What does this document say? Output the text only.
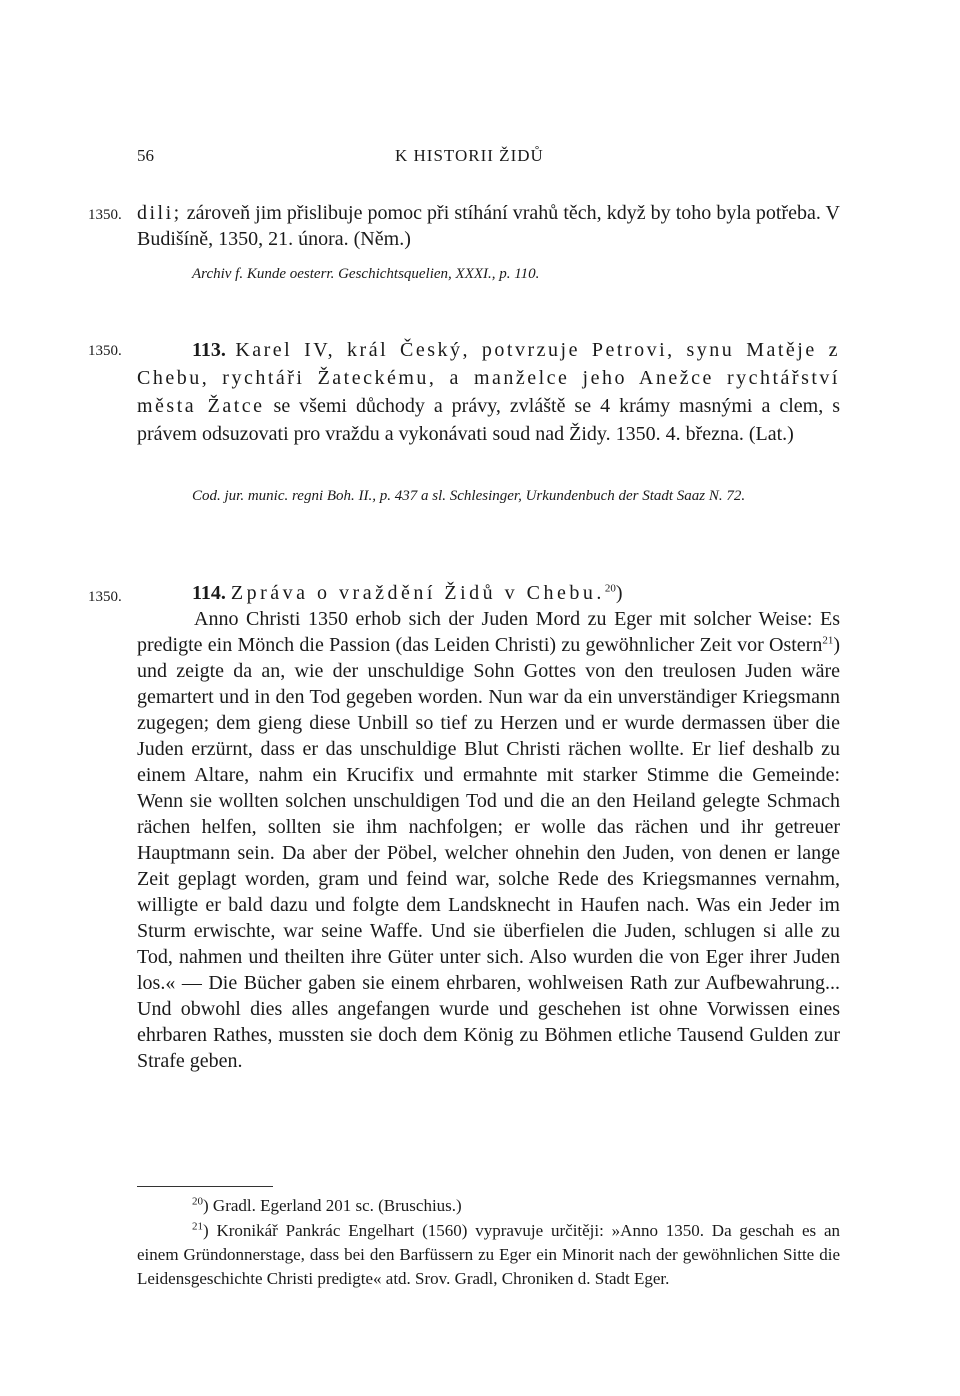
56	K HISTORII ŽIDŮ
1350. dili; zároveň jim přislibuje pomoc při stíhání vrahů těch, když by toho byla potřeba. V Budišíně, 1350, 21. února. (Něm.)

Archiv f. Kunde oesterr. Geschichtsquelien, XXXI., p. 110.

1350.	113. Karel IV, král Český, potvrzuje Petrovi, synu Matěje z Chebu, rychtáři Žateckému, a manželce jeho Anežce rychtářství města Žatce se všemi důchody a právy, zvláště se 4 krámy masnými a clem, s právem odsuzovati pro vraždu a vykonávati soud nad Židy. 1350. 4. března. (Lat.)

Cod. jur. munic. regni Boh. II., p. 437 a sl. Schlesinger, Urkundenbuch der Stadt Saaz N. 72.

1350.	114. Zpráva o vraždění Židů v Chebu.$^{20}$)

Anno Christi 1350 erhob sich der Juden Mord zu Eger mit solcher Weise: Es predigte ein Mönch die Passion (das Leiden Christi) zu gewöhnlicher Zeit vor Ostern$^{21}$) und zeigte da an, wie der unschuldige Sohn Gottes von den treulosen Juden wäre gemartert und in den Tod gegeben worden. Nun war da ein unverständiger Kriegsmann zugegen; dem gieng diese Unbill so tief zu Herzen und er wurde dermassen über die Juden erzürnt, dass er das unschuldige Blut Christi rächen wollte. Er lief deshalb zu einem Altare, nahm ein Krucifix und ermahnte mit starker Stimme die Gemeinde: Wenn sie wollten solchen unschuldigen Tod und die an den Heiland gelegte Schmach rächen helfen, sollten sie ihm nachfolgen; er wolle das rächen und ihr getreuer Hauptmann sein. Da aber der Pöbel, welcher ohnehin den Juden, von denen er lange Zeit geplagt worden, gram und feind war, solche Rede des Kriegsmannes vernahm, willigte er bald dazu und folgte dem Landsknecht in Haufen nach. Was ein Jeder im Sturm erwischte, war seine Waffe. Und sie überfielen die Juden, schlugen si alle zu Tod, nahmen und theilten ihre Güter unter sich. Also wurden die von Eger ihrer Juden los.« — Die Bücher gaben sie einem ehrbaren, wohlweisen Rath zur Aufbewahrung... Und obwohl dies alles angefangen wurde und geschehen ist ohne Vorwissen eines ehrbaren Rathes, mussten sie doch dem König zu Böhmen etliche Tausend Gulden zur Strafe geben.

$^{20}$) Gradl. Egerland 201 sc. (Bruschius.)

$^{21}$) Kronikář Pankrác Engelhart (1560) vypravuje určitěji: »Anno 1350. Da geschah es an einem Gründonnerstage, dass bei den Barfüssern zu Eger ein Minorit nach der gewöhnlichen Sitte die Leidensgeschichte Christi predigte« atd. Srov. Gradl, Chroniken d. Stadt Eger.
